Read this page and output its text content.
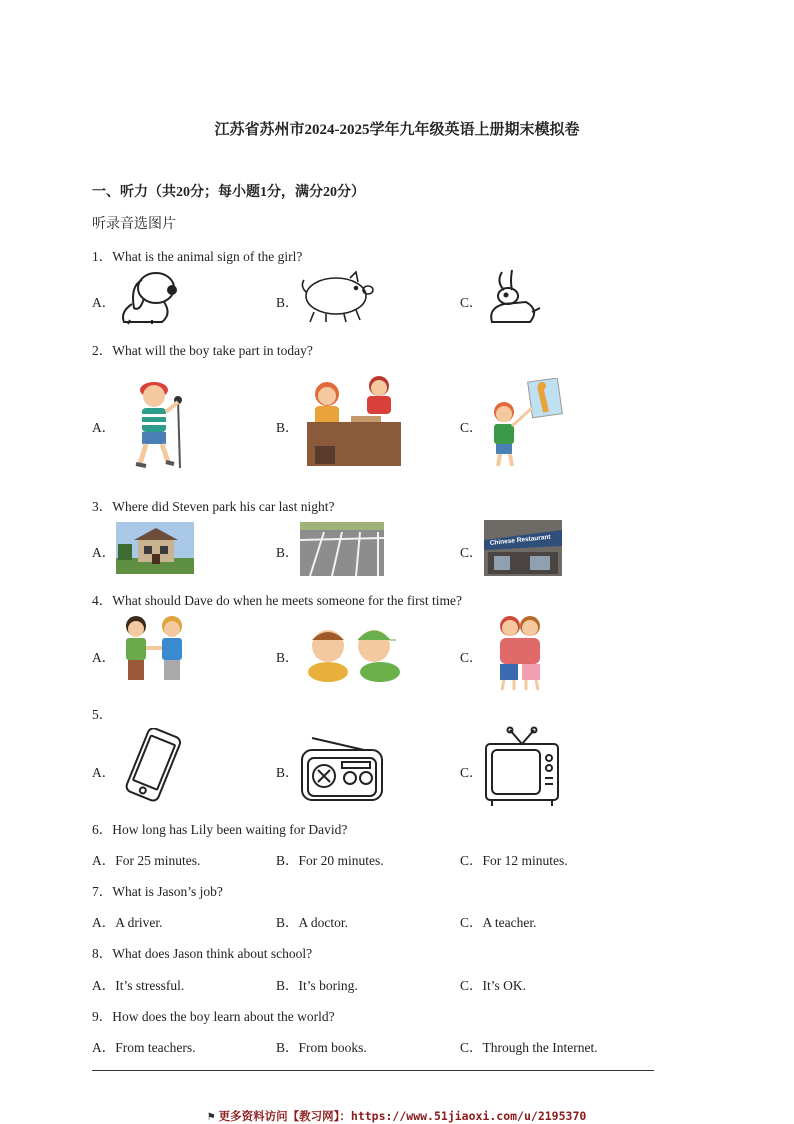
江苏省苏州市2024-2025学年九年级英语上册期末模拟卷
一、听力（共20分；每小题1分，满分20分）
听录音选图片
1．What is the animal sign of the girl?
A．	B．	C．
2．What will the boy take part in today?
A．	B．	C．
3．Where did Steven park his car last night?
A．	B．	C．
Chinese Restaurant
4．What should Dave do when he meets someone for the first time?
A．	B．	C．
5．
A．	B．	C．
6．How long has Lily been waiting for David?
A．For 25 minutes.	B．For 20 minutes.	C．For 12 minutes.
7．What is Jason’s job?
A．A driver.	B．A doctor.	C．A teacher.
8．What does Jason think about school?
A．It’s stressful.	B．It’s boring.	C．It’s OK.
9．How does the boy learn about the world?
A．From teachers.	B．From books.	C．Through the Internet.
⚑ 更多资料访问【教习网】：https://www.51jiaoxi.com/u/2195370
